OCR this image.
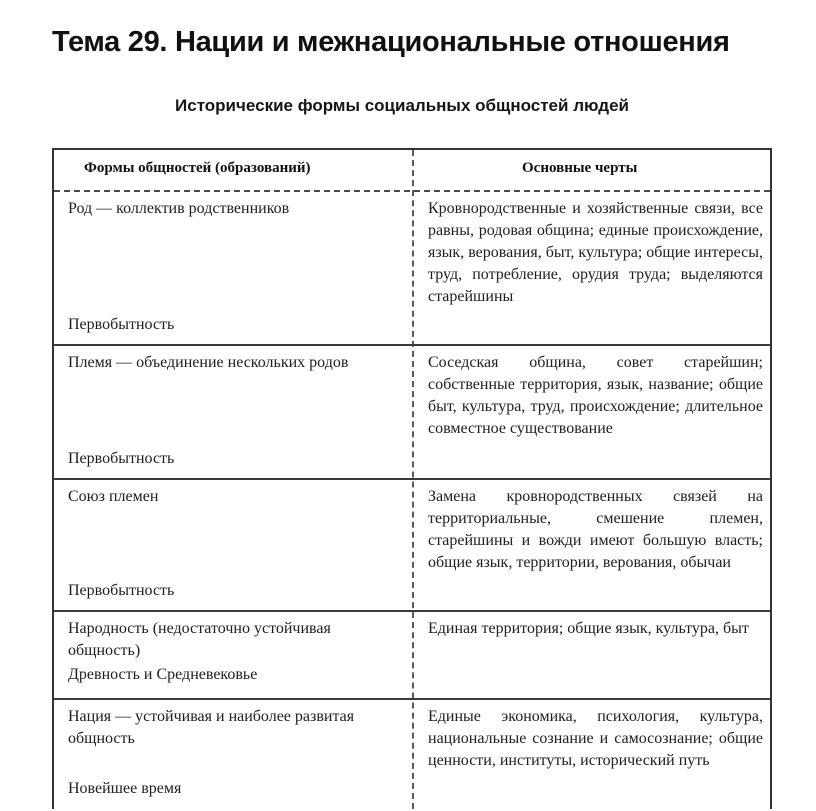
Тема 29. Нации и межнациональные отношения
Исторические формы социальных общностей людей
Формы общностей (образований)	Основные черты
Род — коллектив родственников
Первобытность
Кровнородственные и хозяйственные связи, все равны, родовая община; единые происхождение, язык, верования, быт, культура; общие интересы, труд, потребление, орудия труда; выделяются старейшины
Племя — объединение нескольких родов
Первобытность
Соседская община, совет старейшин; собственные территория, язык, название; общие быт, культура, труд, происхождение; длительное совместное существование
Союз племен
Первобытность
Замена кровнородственных связей на территориальные, смешение племен, старейшины и вожди имеют большую власть; общие язык, территории, верования, обычаи
Народность (недостаточно устойчивая общность)
Древность и Средневековье
Единая территория; общие язык, культура, быт
Нация — устойчивая и наиболее развитая общность
Новейшее время
Единые экономика, психология, культура, национальные сознание и самосознание; общие ценности, институты, исторический путь
